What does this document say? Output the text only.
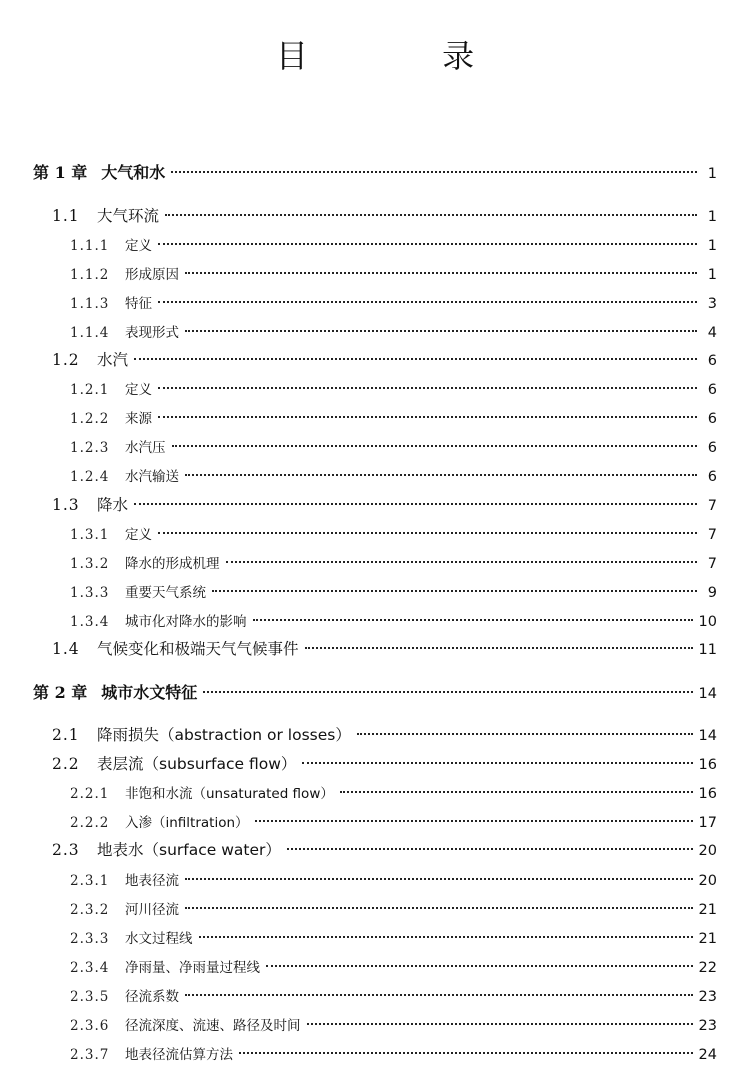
目 录
第 1 章 大气和水	1
1.1	大气环流	1
1.1.1	定义	1
1.1.2	形成原因	1
1.1.3	特征	3
1.1.4	表现形式	4
1.2	水汽	6
1.2.1	定义	6
1.2.2	来源	6
1.2.3	水汽压	6
1.2.4	水汽输送	6
1.3	降水	7
1.3.1	定义	7
1.3.2	降水的形成机理	7
1.3.3	重要天气系统	9
1.3.4	城市化对降水的影响	10
1.4	气候变化和极端天气气候事件	11
第 2 章 城市水文特征	14
2.1	降雨损失（abstraction or losses）	14
2.2	表层流（subsurface flow）	16
2.2.1	非饱和水流（unsaturated flow）	16
2.2.2	入渗（infiltration）	17
2.3	地表水（surface water）	20
2.3.1	地表径流	20
2.3.2	河川径流	21
2.3.3	水文过程线	21
2.3.4	净雨量、净雨量过程线	22
2.3.5	径流系数	23
2.3.6	径流深度、流速、路径及时间	23
2.3.7	地表径流估算方法	24
